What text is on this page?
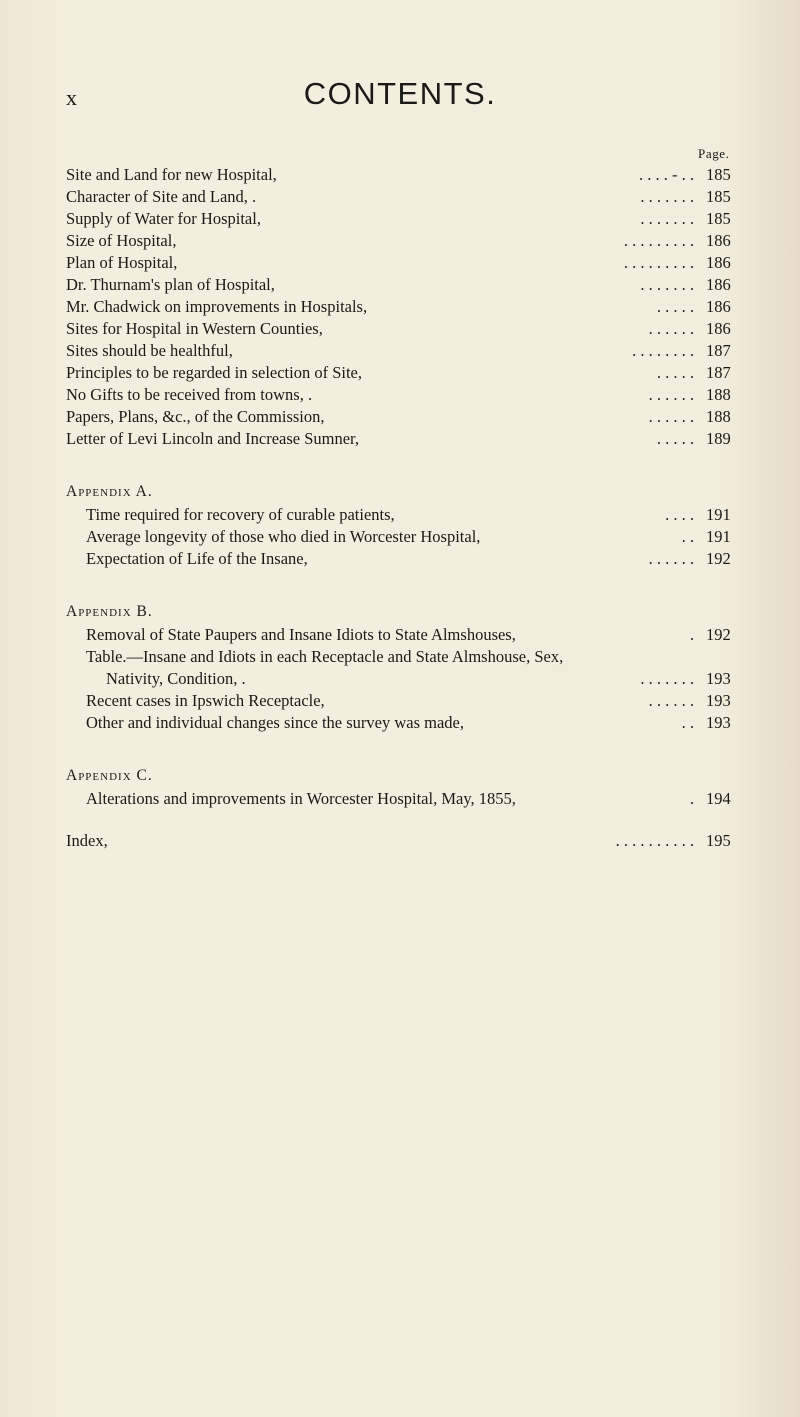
x	CONTENTS.
Page.
Site and Land for new Hospital,	. . . . - . . 185
Character of Site and Land, .	. . . . . . . 185
Supply of Water for Hospital,	. . . . . . . 185
Size of Hospital,	. . . . . . . . . 186
Plan of Hospital,	. . . . . . . . . 186
Dr. Thurnam's plan of Hospital,	. . . . . . . 186
Mr. Chadwick on improvements in Hospitals,	. . . . . 186
Sites for Hospital in Western Counties,	. . . . . . 186
Sites should be healthful,	. . . . . . . . 187
Principles to be regarded in selection of Site,	. . . . . 187
No Gifts to be received from towns, .	. . . . . . 188
Papers, Plans, &c., of the Commission,	. . . . . . 188
Letter of Levi Lincoln and Increase Sumner,	. . . . . 189
Appendix A.
Time required for recovery of curable patients,	. . . . 191
Average longevity of those who died in Worcester Hospital,	. . 191
Expectation of Life of the Insane,	. . . . . . 192
Appendix B.
Removal of State Paupers and Insane Idiots to State Almshouses,	. 192
Table.—Insane and Idiots in each Receptacle and State Almshouse, Sex,
Nativity, Condition, .	. . . . . . . 193
Recent cases in Ipswich Receptacle,	. . . . . . 193
Other and individual changes since the survey was made,	. . 193
Appendix C.
Alterations and improvements in Worcester Hospital, May, 1855,	. 194
Index,	. . . . . . . . . . 195
